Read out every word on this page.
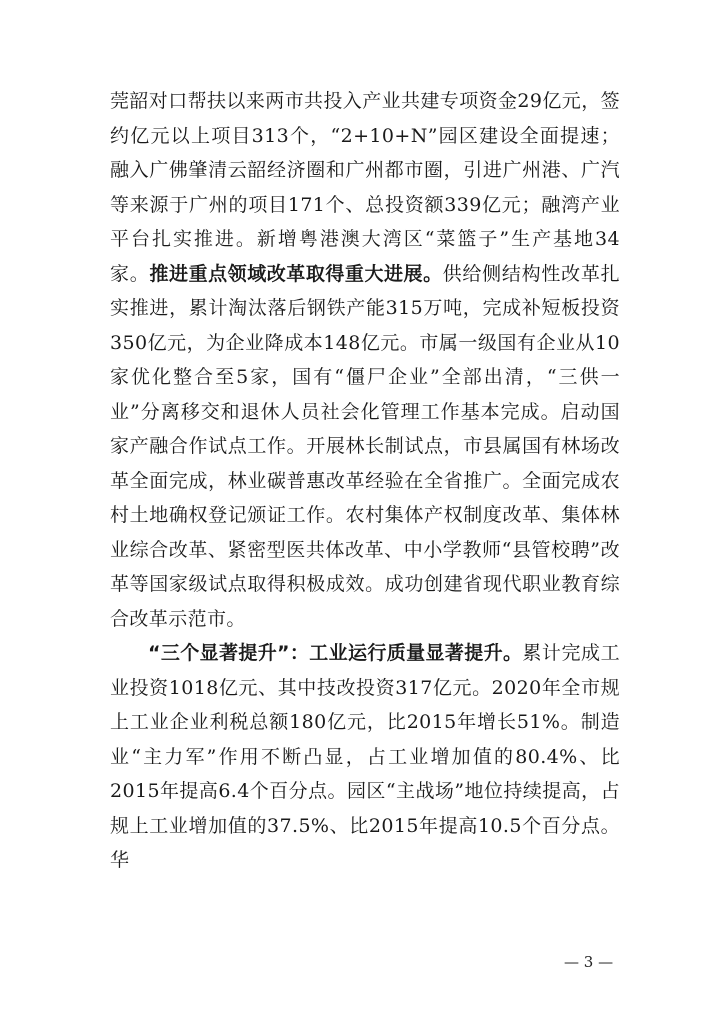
莞韶对口帮扶以来两市共投入产业共建专项资金29亿元，签约亿元以上项目313个，“2+10+N”园区建设全面提速；融入广佛肇清云韶经济圈和广州都市圈，引进广州港、广汽等来源于广州的项目171个、总投资额339亿元；融湾产业平台扎实推进。新增粤港澳大湾区“菜篮子”生产基地34家。推进重点领域改革取得重大进展。供给侧结构性改革扎实推进，累计淘汰落后钢铁产能315万吨，完成补短板投资350亿元，为企业降成本148亿元。市属一级国有企业从10家优化整合至5家，国有“僵尸企业”全部出清，“三供一业”分离移交和退休人员社会化管理工作基本完成。启动国家产融合作试点工作。开展林长制试点，市县属国有林场改革全面完成，林业碳普惠改革经验在全省推广。全面完成农村土地确权登记颁证工作。农村集体产权制度改革、集体林业综合改革、紧密型医共体改革、中小学教师“县管校聘”改革等国家级试点取得积极成效。成功创建省现代职业教育综合改革示范市。

“三个显著提升”：工业运行质量显著提升。累计完成工业投资1018亿元、其中技改投资317亿元。2020年全市规上工业企业利税总额180亿元，比2015年增长51%。制造业“主力军”作用不断凸显，占工业增加值的80.4%、比2015年提高6.4个百分点。园区“主战场”地位持续提高，占规上工业增加值的37.5%、比2015年提高10.5个百分点。华

— 3 —
